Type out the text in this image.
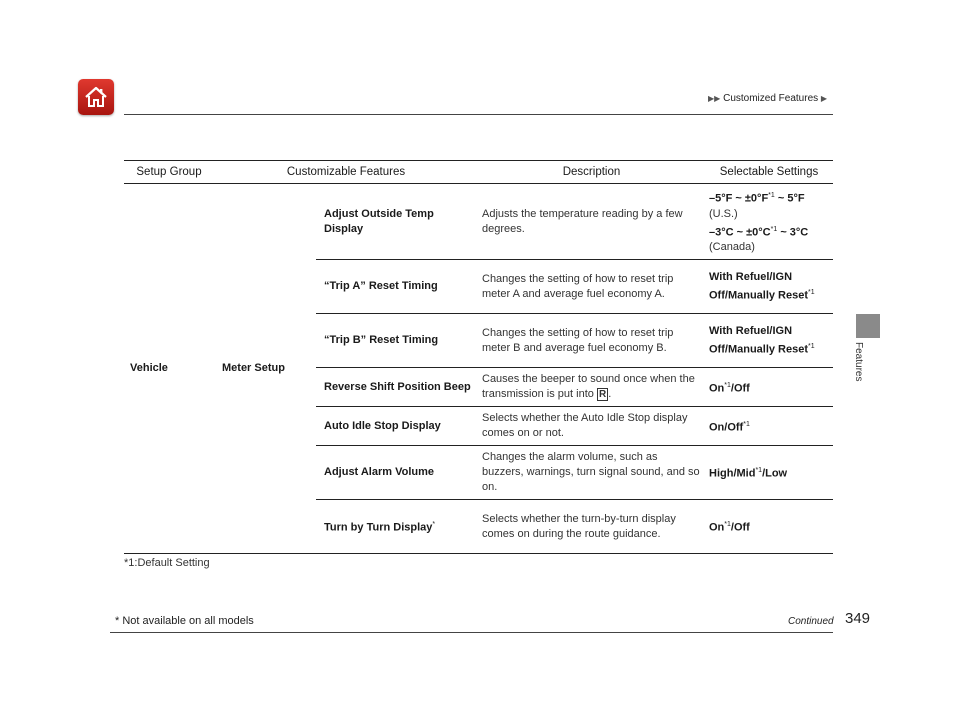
▶▶ Customized Features ▶
Features
Setup Group	Customizable Features		Description	Selectable Settings
Vehicle	Meter Setup	Adjust Outside Temp Display	Adjusts the temperature reading by a few degrees.	–5°F ~ $\pm 0^\circ F^{*1}$ ~ 5°F
(U.S.)
–3°C ~ $\pm 0^\circ C^{*1}$ ~ 3°C
(Canada)
		“Trip A” Reset Timing	Changes the setting of how to reset trip meter A and average fuel economy A.	With Refuel/IGN Off/Manually Reset$^{*1}$
		“Trip B” Reset Timing	Changes the setting of how to reset trip meter B and average fuel economy B.	With Refuel/IGN Off/Manually Reset$^{*1}$
		Reverse Shift Position Beep	Causes the beeper to sound once when the transmission is put into R .	On$^{*1}$/Off
		Auto Idle Stop Display	Selects whether the Auto Idle Stop display comes on or not.	On/Off$^{*1}$
		Adjust Alarm Volume	Changes the alarm volume, such as buzzers, warnings, turn signal sound, and so on.	High/Mid$^{*1}$/Low
		Turn by Turn Display*	Selects whether the turn-by-turn display comes on during the route guidance.	On$^{*1}$/Off
*1:Default Setting
* Not available on all models	Continued 349
